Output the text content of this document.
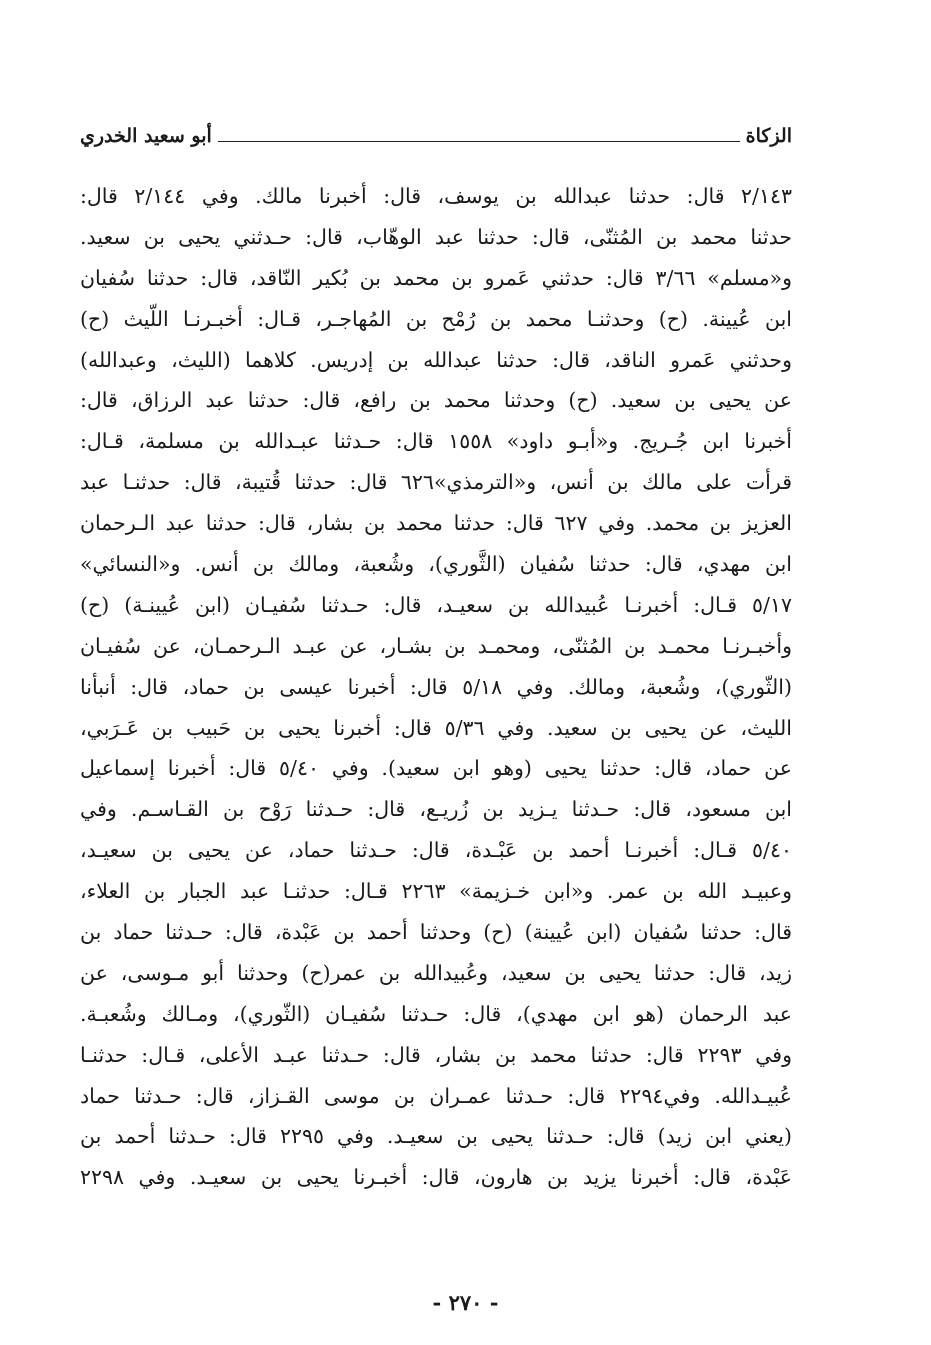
الزكاة
أبو سعيد الخدري
٢/١٤٣ قال: حدثنا عبدالله بن يوسف، قال: أخبرنا مالك. وفي ٢/١٤٤ قال:
حدثنا محمد بن المُثنّى، قال: حدثنا عبد الوهّاب، قال: حـدثني يحيى بن سعيد.
و«مسلم» ٣/٦٦ قال: حدثني عَمرو بن محمد بن بُكير النّاقد، قال: حدثنا سُفيان
ابن عُيينة. (ح) وحدثنـا محمد بن رُمْح بن المُهاجـر، قـال: أخبـرنـا اللّيث (ح)
وحدثني عَمرو الناقد، قال: حدثنا عبدالله بن إدريس. كلاهما (الليث، وعبدالله)
عن يحيى بن سعيد. (ح) وحدثنا محمد بن رافع، قال: حدثنا عبد الرزاق، قال:
أخبرنا ابن جُـريج. و«أبـو داود» ١٥٥٨ قال: حـدثنا عبـدالله بن مسلمة، قـال:
قرأت على مالك بن أنس، و«الترمذي»٦٢٦ قال: حدثنا قُتيبة، قال: حدثنـا عبد
العزيز بن محمد. وفي ٦٢٧ قال: حدثنا محمد بن بشار، قال: حدثنا عبد الـرحمان
ابن مهدي، قال: حدثنا سُفيان (الثَّوري)، وشُعبة، ومالك بن أنس. و«النسائي»
٥/١٧ قـال: أخبرنـا عُبيدالله بن سعيـد، قال: حـدثنا سُفيـان (ابن عُيينـة) (ح)
وأخبـرنـا محمـد بن المُثنّى، ومحمـد بن بشـار، عن عبـد الـرحمـان، عن سُفيـان
(الثّوري)، وشُعبة، ومالك. وفي ٥/١٨ قال: أخبرنا عيسى بن حماد، قال: أنبأنا
الليث، عن يحيى بن سعيد. وفي ٥/٣٦ قال: أخبرنا يحيى بن حَبيب بن عَـرَبي،
عن حماد، قال: حدثنا يحيى (وهو ابن سعيد). وفي ٥/٤٠ قال: أخبرنا إسماعيل
ابن مسعود، قال: حـدثنا يـزيد بن زُريـع، قال: حـدثنا رَوْح بن القـاسـم. وفي
٥/٤٠ قـال: أخبرنـا أحمد بن عَبْـدة، قال: حـدثنا حماد، عن يحيى بن سعيـد،
وعبيـد الله بن عمر. و«ابن خـزيمة» ٢٢٦٣ قـال: حدثنـا عبد الجبار بن العلاء،
قال: حدثنا سُفيان (ابن عُيينة) (ح) وحدثنا أحمد بن عَبْدة، قال: حـدثنا حماد بن
زيد، قال: حدثنا يحيى بن سعيد، وعُبيدالله بن عمر(ح) وحدثنا أبو مـوسى، عن
عبد الرحمان (هو ابن مهدي)، قال: حـدثنا سُفيـان (الثّوري)، ومـالك وشُعبـة.
وفي ٢٢٩٣ قال: حدثنا محمد بن بشار، قال: حـدثنا عبـد الأعلى، قـال: حدثنـا
عُبيـدالله. وفي٢٢٩٤ قال: حـدثنا عمـران بن موسى القـزاز، قال: حـدثنا حماد
(يعني ابن زيد) قال: حـدثنا يحيى بن سعيـد. وفي ٢٢٩٥ قال: حـدثنا أحمد بن
عَبْدة، قال: أخبرنا يزيد بن هارون، قال: أخبـرنا يحيى بن سعيـد. وفي ٢٢٩٨
- ٢٧٠ -
